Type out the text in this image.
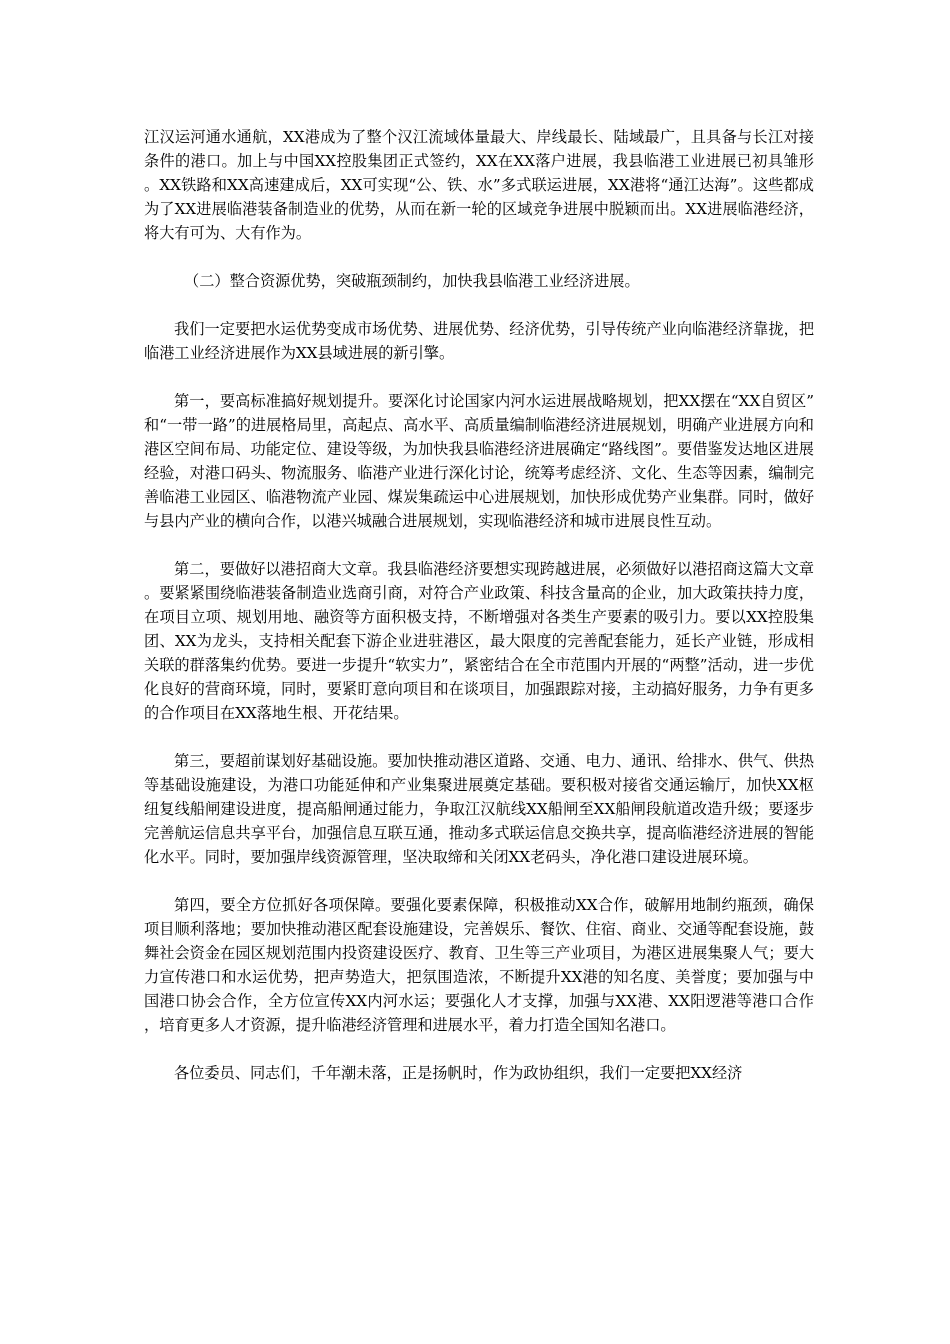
江汉运河通水通航，XX港成为了整个汉江流域体量最大、岸线最长、陆域最广，且具备与长江对接条件的港口。加上与中国XX控股集团正式签约，XX在XX落户进展，我县临港工业进展已初具雏形。XX铁路和XX高速建成后，XX可实现“公、铁、水”多式联运进展，XX港将“通江达海”。这些都成为了XX进展临港装备制造业的优势，从而在新一轮的区域竞争进展中脱颖而出。XX进展临港经济，将大有可为、大有作为。

（二）整合资源优势，突破瓶颈制约，加快我县临港工业经济进展。

我们一定要把水运优势变成市场优势、进展优势、经济优势，引导传统产业向临港经济靠拢，把临港工业经济进展作为XX县域进展的新引擎。

第一，要高标准搞好规划提升。要深化讨论国家内河水运进展战略规划，把XX摆在“XX自贸区”和“一带一路”的进展格局里，高起点、高水平、高质量编制临港经济进展规划，明确产业进展方向和港区空间布局、功能定位、建设等级，为加快我县临港经济进展确定“路线图”。要借鉴发达地区进展经验，对港口码头、物流服务、临港产业进行深化讨论，统筹考虑经济、文化、生态等因素，编制完善临港工业园区、临港物流产业园、煤炭集疏运中心进展规划，加快形成优势产业集群。同时，做好与县内产业的横向合作，以港兴城融合进展规划，实现临港经济和城市进展良性互动。

第二，要做好以港招商大文章。我县临港经济要想实现跨越进展，必须做好以港招商这篇大文章。要紧紧围绕临港装备制造业选商引商，对符合产业政策、科技含量高的企业，加大政策扶持力度，在项目立项、规划用地、融资等方面积极支持，不断增强对各类生产要素的吸引力。要以XX控股集团、XX为龙头，支持相关配套下游企业进驻港区，最大限度的完善配套能力，延长产业链，形成相关联的群落集约优势。要进一步提升“软实力”，紧密结合在全市范围内开展的“两整”活动，进一步优化良好的营商环境，同时，要紧盯意向项目和在谈项目，加强跟踪对接，主动搞好服务，力争有更多的合作项目在XX落地生根、开花结果。

第三，要超前谋划好基础设施。要加快推动港区道路、交通、电力、通讯、给排水、供气、供热等基础设施建设，为港口功能延伸和产业集聚进展奠定基础。要积极对接省交通运输厅，加快XX枢纽复线船闸建设进度，提高船闸通过能力，争取江汉航线XX船闸至XX船闸段航道改造升级；要逐步完善航运信息共享平台，加强信息互联互通，推动多式联运信息交换共享，提高临港经济进展的智能化水平。同时，要加强岸线资源管理，坚决取缔和关闭XX老码头，净化港口建设进展环境。

第四，要全方位抓好各项保障。要强化要素保障，积极推动XX合作，破解用地制约瓶颈，确保项目顺利落地；要加快推动港区配套设施建设，完善娱乐、餐饮、住宿、商业、交通等配套设施，鼓舞社会资金在园区规划范围内投资建设医疗、教育、卫生等三产业项目，为港区进展集聚人气；要大力宣传港口和水运优势，把声势造大，把氛围造浓，不断提升XX港的知名度、美誉度；要加强与中国港口协会合作，全方位宣传XX内河水运；要强化人才支撑，加强与XX港、XX阳逻港等港口合作，培育更多人才资源，提升临港经济管理和进展水平，着力打造全国知名港口。

各位委员、同志们，千年潮未落，正是扬帆时，作为政协组织，我们一定要把XX经济
